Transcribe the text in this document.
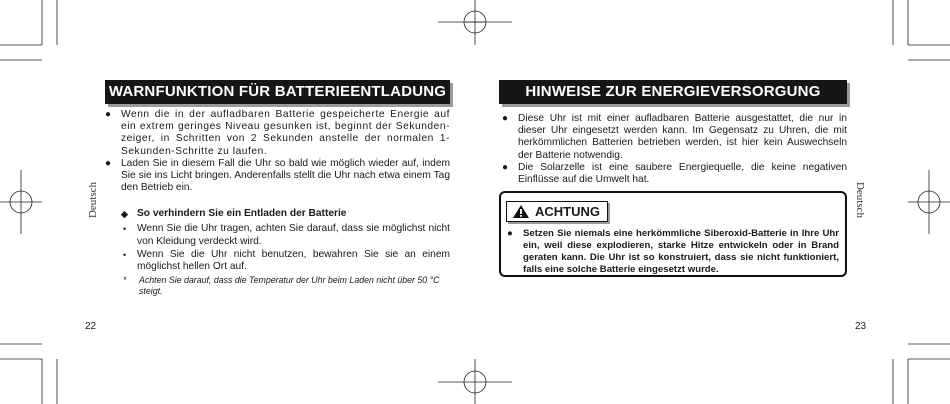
WARNFUNKTION FÜR BATTERIEENTLADUNG
● Wenn die in der aufladbaren Batterie gespeicherte Energie auf ein extrem geringes Niveau gesunken ist, beginnt der Sekunden-zeiger, in Schritten von 2 Sekunden anstelle der normalen 1-Sekunden-Schritte zu laufen.
● Laden Sie in diesem Fall die Uhr so bald wie möglich wieder auf, indem Sie sie ins Licht bringen. Anderenfalls stellt die Uhr nach etwa einem Tag den Betrieb ein.
◆ So verhindern Sie ein Entladen der Batterie
• Wenn Sie die Uhr tragen, achten Sie darauf, dass sie möglichst nicht von Kleidung verdeckt wird.
• Wenn Sie die Uhr nicht benutzen, bewahren Sie sie an einem möglichst hellen Ort auf.
* Achten Sie darauf, dass die Temperatur der Uhr beim Laden nicht über 50 °C steigt.
22
Deutsch
HINWEISE ZUR ENERGIEVERSORGUNG
● Diese Uhr ist mit einer aufladbaren Batterie ausgestattet, die nur in dieser Uhr eingesetzt werden kann. Im Gegensatz zu Uhren, die mit herkömmlichen Batterien betrieben werden, ist hier kein Auswechseln der Batterie notwendig.
● Die Solarzelle ist eine saubere Energiequelle, die keine negativen Einflüsse auf die Umwelt hat.
ACHTUNG
● Setzen Sie niemals eine herkömmliche Siberoxid-Batterie in Ihre Uhr ein, weil diese explodieren, starke Hitze entwickeln oder in Brand geraten kann. Die Uhr ist so konstruiert, dass sie nicht funktioniert, falls eine solche Batterie eingesetzt wurde.
23
Deutsch
